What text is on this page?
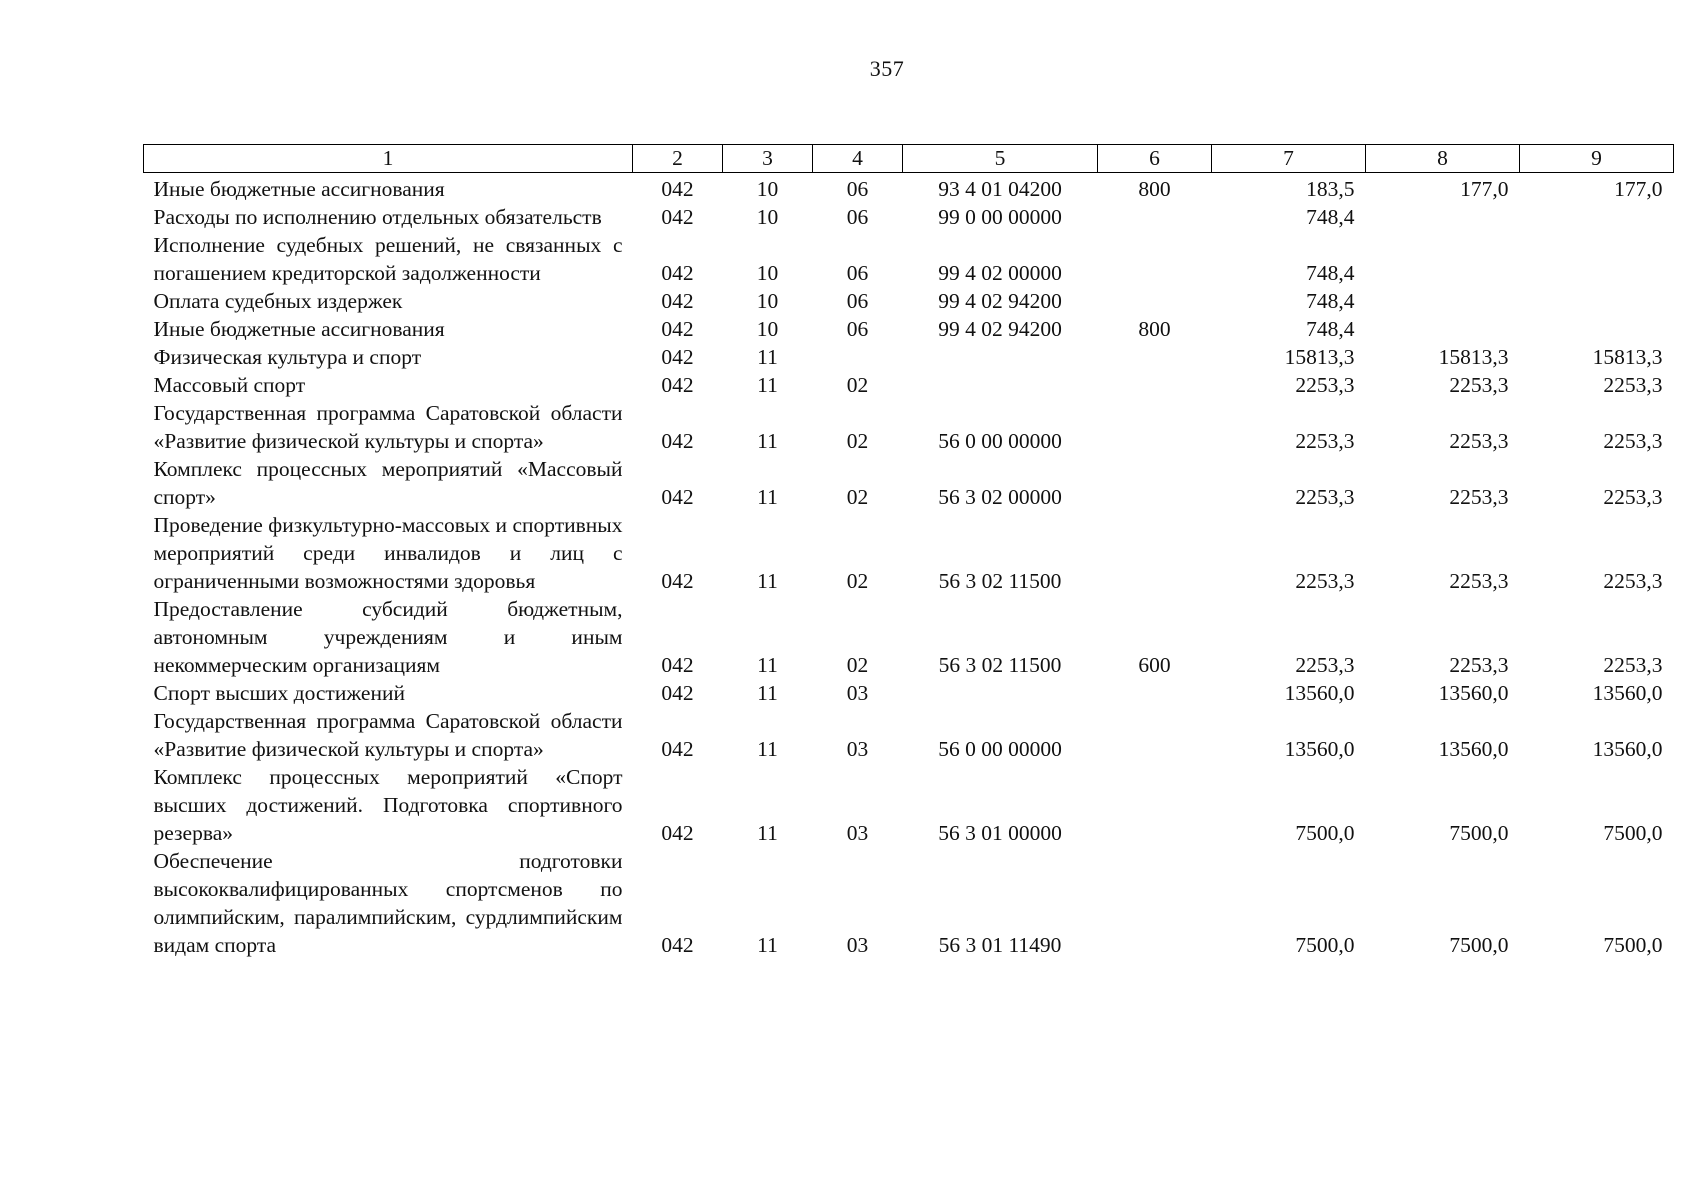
357
1	2	3	4	5	6	7	8	9
Иные бюджетные ассигнования	042	10	06	93 4 01 04200	800	183,5	177,0	177,0
Расходы по исполнению отдельных обязательств	042	10	06	99 0 00 00000		748,4		
Исполнение судебных решений, не связанных с погашением кредиторской задолженности	042	10	06	99 4 02 00000		748,4		
Оплата судебных издержек	042	10	06	99 4 02 94200		748,4		
Иные бюджетные ассигнования	042	10	06	99 4 02 94200	800	748,4		
Физическая культура и спорт	042	11				15813,3	15813,3	15813,3
Массовый спорт	042	11	02			2253,3	2253,3	2253,3
Государственная программа Саратовской области «Развитие физической культуры и спорта»	042	11	02	56 0 00 00000		2253,3	2253,3	2253,3
Комплекс процессных мероприятий «Массовый спорт»	042	11	02	56 3 02 00000		2253,3	2253,3	2253,3
Проведение физкультурно-массовых и спортивных мероприятий среди инвалидов и лиц с ограниченными возможностями здоровья	042	11	02	56 3 02 11500		2253,3	2253,3	2253,3
Предоставление субсидий бюджетным, автономным учреждениям и иным некоммерческим организациям	042	11	02	56 3 02 11500	600	2253,3	2253,3	2253,3
Спорт высших достижений	042	11	03			13560,0	13560,0	13560,0
Государственная программа Саратовской области «Развитие физической культуры и спорта»	042	11	03	56 0 00 00000		13560,0	13560,0	13560,0
Комплекс процессных мероприятий «Спорт высших достижений. Подготовка спортивного резерва»	042	11	03	56 3 01 00000		7500,0	7500,0	7500,0
Обеспечение подготовки высококвалифицированных спортсменов по олимпийским, паралимпийским, сурдлимпийским видам спорта	042	11	03	56 3 01 11490		7500,0	7500,0	7500,0
